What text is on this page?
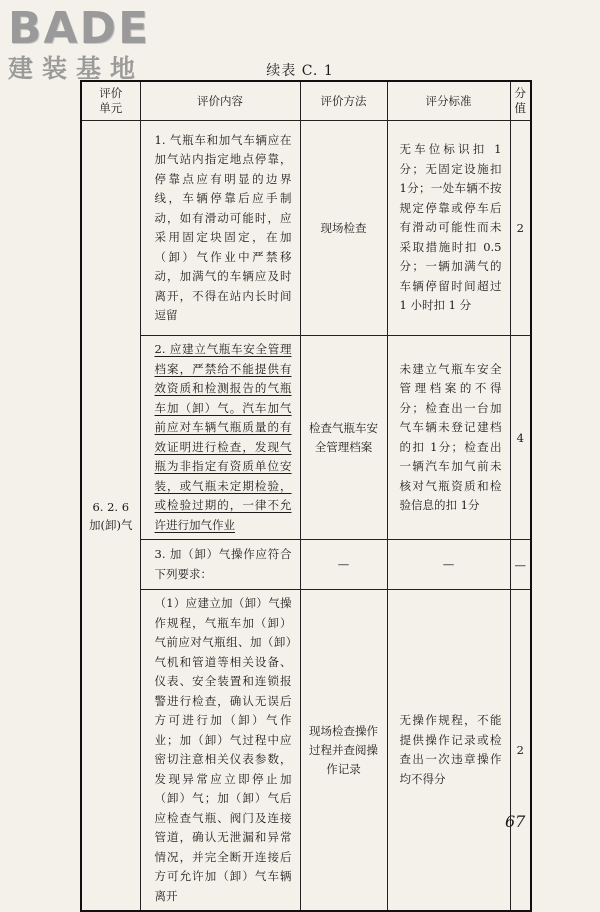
BADE
建装基地	续表 C. 1
评价单元	评价内容	评价方法	评分标准	分值

6. 2. 6
加(卸)气	1. 气瓶车和加气车辆应在加气站内指定地点停靠，停靠点应有明显的边界线，车辆停靠后应手制动，如有滑动可能时，应采用固定块固定，在加（卸）气作业中严禁移动，加满气的车辆应及时离开，不得在站内长时间逗留	现场检查	无车位标识扣 1分；无固定设施扣 1分；一处车辆不按规定停靠或停车后有滑动可能性而未采取措施时扣 0.5 分；一辆加满气的车辆停留时间超过 1 小时扣 1 分	2
	2. 应建立气瓶车安全管理档案，严禁给不能提供有效资质和检测报告的气瓶车加（卸）气。汽车加气前应对车辆气瓶质量的有效证明进行检查，发现气瓶为非指定有资质单位安装，或气瓶未定期检验，或检验过期的，一律不允许进行加气作业	检查气瓶车安全管理档案	未建立气瓶车安全管理档案的不得分；检查出一台加气车辆未登记建档的扣 1分；检查出一辆汽车加气前未核对气瓶资质和检验信息的扣 1分	4
	3. 加（卸）气操作应符合下列要求：	—	—	—
	（1）应建立加（卸）气操作规程，气瓶车加（卸）气前应对气瓶组、加（卸）气机和管道等相关设备、仪表、安全装置和连锁报警进行检查，确认无误后方可进行加（卸）气作业；加（卸）气过程中应密切注意相关仪表参数，发现异常应立即停止加（卸）气；加（卸）气后应检查气瓶、阀门及连接管道，确认无泄漏和异常情况，并完全断开连接后方可允许加（卸）气车辆离开	现场检查操作过程并查阅操作记录	无操作规程，不能提供操作记录或检查出一次违章操作均不得分	2
67
